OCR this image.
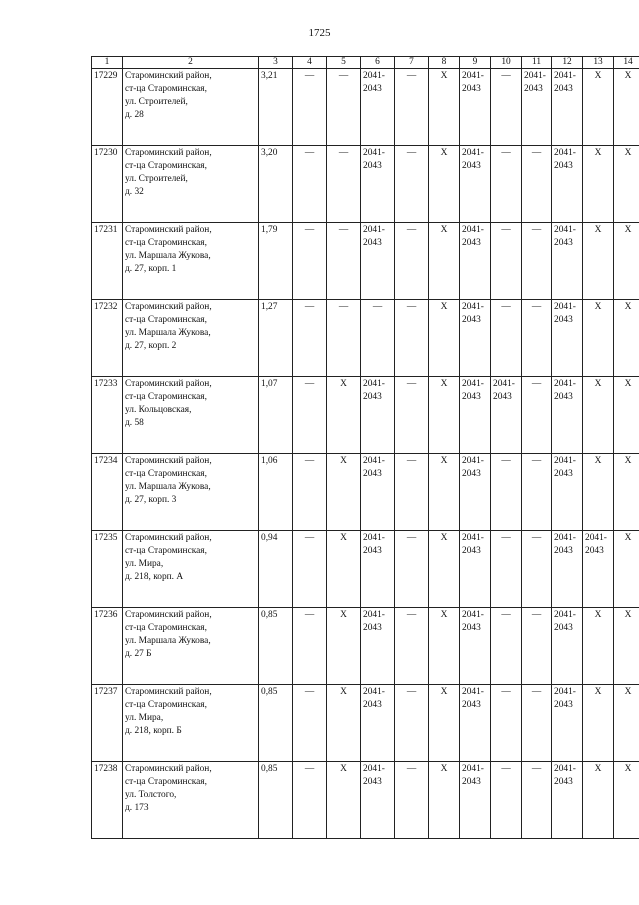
1725
1	2	3	4	5	6	7	8	9	10	11	12	13	14
17229	Староминский район,
ст-ца Староминская,
ул. Строителей,
д. 28	3,21	—	—	2041-
2043	—	Х	2041-
2043	—	2041-
2043	2041-
2043	Х	Х
17230	Староминский район,
ст-ца Староминская,
ул. Строителей,
д. 32	3,20	—	—	2041-
2043	—	Х	2041-
2043	—	—	2041-
2043	Х	Х
17231	Староминский район,
ст-ца Староминская,
ул. Маршала Жукова,
д. 27, корп. 1	1,79	—	—	2041-
2043	—	Х	2041-
2043	—	—	2041-
2043	Х	Х
17232	Староминский район,
ст-ца Староминская,
ул. Маршала Жукова,
д. 27, корп. 2	1,27	—	—	—	—	Х	2041-
2043	—	—	2041-
2043	Х	Х
17233	Староминский район,
ст-ца Староминская,
ул. Кольцовская,
д. 58	1,07	—	Х	2041-
2043	—	Х	2041-
2043	2041-
2043	—	2041-
2043	Х	Х
17234	Староминский район,
ст-ца Староминская,
ул. Маршала Жукова,
д. 27, корп. 3	1,06	—	Х	2041-
2043	—	Х	2041-
2043	—	—	2041-
2043	Х	Х
17235	Староминский район,
ст-ца Староминская,
ул. Мира,
д. 218, корп. А	0,94	—	Х	2041-
2043	—	Х	2041-
2043	—	—	2041-
2043	2041-
2043	Х
17236	Староминский район,
ст-ца Староминская,
ул. Маршала Жукова,
д. 27 Б	0,85	—	Х	2041-
2043	—	Х	2041-
2043	—	—	2041-
2043	Х	Х
17237	Староминский район,
ст-ца Староминская,
ул. Мира,
д. 218, корп. Б	0,85	—	Х	2041-
2043	—	Х	2041-
2043	—	—	2041-
2043	Х	Х
17238	Староминский район,
ст-ца Староминская,
ул. Толстого,
д. 173	0,85	—	Х	2041-
2043	—	Х	2041-
2043	—	—	2041-
2043	Х	Х
